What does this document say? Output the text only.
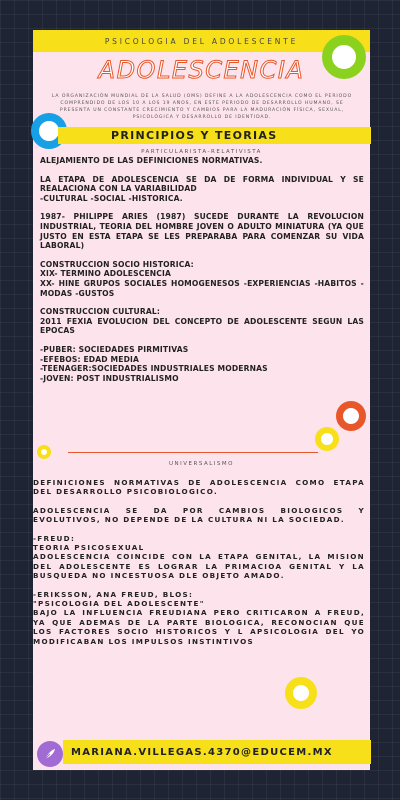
PSICOLOGIA DEL ADOLESCENTE
ADOLESCENCIA
LA ORGANIZACIÓN MUNDIAL DE LA SALUD (OMS) DEFINE A LA ADOLESCENCIA COMO EL PERIODO COMPRENDIDO DE LOS 10 A LOS 19 AÑOS, EN ESTE PERIODO DE DESARROLLO HUMANO, SE PRESENTA UN CONSTANTE CRECIMIENTO Y CAMBIOS PARA LA MADURACIÓN FÍSICA, SEXUAL, PSICOLÓGICA Y DESARROLLO DE IDENTIDAD.
PRINCIPIOS Y TEORIAS
PARTICULARISTA-RELATIVISTA

ALEJAMIENTO DE LAS DEFINICIONES NORMATIVAS.

LA ETAPA DE ADOLESCENCIA SE DA DE FORMA INDIVIDUAL Y SE REALACIONA CON LA VARIABILIDAD

-CULTURAL -SOCIAL -HISTORICA.

1987- PHILIPPE ARIES (1987) SUCEDE DURANTE LA REVOLUCION INDUSTRIAL, TEORIA DEL HOMBRE JOVEN O ADULTO MINIATURA (YA QUE JUSTO EN ESTA ETAPA SE LES PREPARABA PARA COMENZAR SU VIDA LABORAL)

CONSTRUCCION SOCIO HISTORICA:

XIX- TERMINO ADOLESCENCIA

XX- HINE GRUPOS SOCIALES HOMOGENESOS -EXPERIENCIAS -HABITOS -MODAS -GUSTOS

CONSTRUCCION CULTURAL:

2011 FEXIA EVOLUCION DEL CONCEPTO DE ADOLESCENTE SEGUN LAS EPOCAS

-PUBER: SOCIEDADES PIRMITIVAS

-EFEBOS: EDAD MEDIA

-TEENAGER:SOCIEDADES INDUSTRIALES MODERNAS

-JOVEN: POST INDUSTRIALISMO

UNIVERSALISMO

DEFINICIONES NORMATIVAS DE ADOLESCENCIA COMO ETAPA DEL DESARROLLO PSICOBIOLOGICO.

ADOLESCENCIA SE DA POR CAMBIOS BIOLOGICOS Y EVOLUTIVOS, NO DEPENDE DE LA CULTURA NI LA SOCIEDAD.

-FREUD:

TEORIA PSICOSEXUAL

ADOLESCENCIA COINCIDE CON LA ETAPA GENITAL, LA MISION DEL ADOLESCENTE ES LOGRAR LA PRIMACIOA GENITAL Y LA BUSQUEDA NO INCESTUOSA DLE OBJETO AMADO.

-ERIKSSON, ANA FREUD, BLOS:

"PSICOLOGIA DEL ADOLESCENTE"

BAJO LA INFLUENCIA FREUDIANA PERO CRITICARON A FREUD, YA QUE ADEMAS DE LA PARTE BIOLOGICA, RECONOCIAN QUE LOS FACTORES SOCIO HISTORICOS Y L APSICOLOGIA DEL YO MODIFICABAN LOS IMPULSOS INSTINTIVOS

MARIANA.VILLEGAS.4370@EDUCEM.MX
